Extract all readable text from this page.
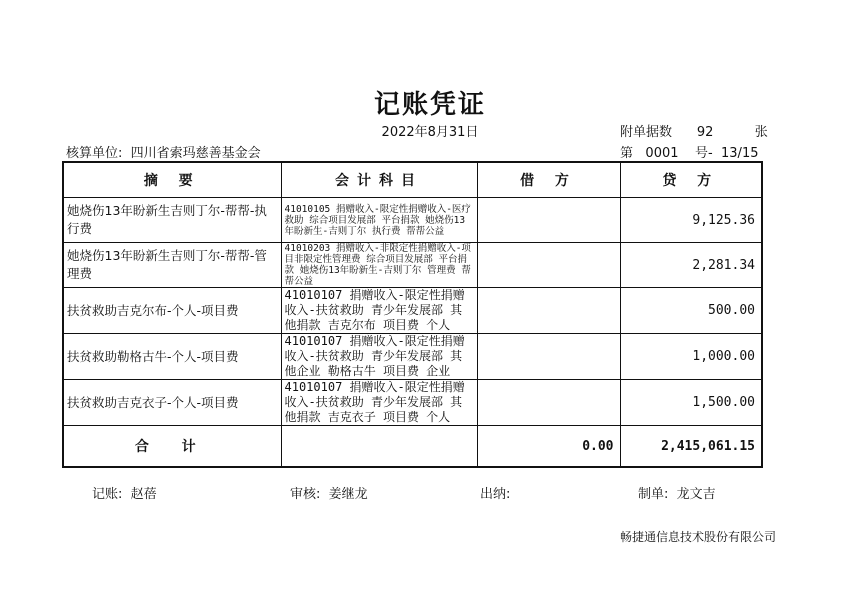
记账凭证
2022年8月31日
核算单位: 四川省索玛慈善基金会
附单据数 92	张
第 0001 号- 13/15
摘 要	会计科目	借 方	贷 方
她烧伤13年盼新生吉则丁尔-帮帮-执行费	41010105 捐赠收入-限定性捐赠收入-医疗救助 综合项目发展部 平台捐款 她烧伤13年盼新生-吉则丁尔 执行费 帮帮公益		9,125.36
她烧伤13年盼新生吉则丁尔-帮帮-管理费	41010203 捐赠收入-非限定性捐赠收入-项目非限定性管理费 综合项目发展部 平台捐款 她烧伤13年盼新生-吉则丁尔 管理费 帮帮公益		2,281.34
扶贫救助吉克尔布-个人-项目费	41010107 捐赠收入-限定性捐赠收入-扶贫救助 青少年发展部 其他捐款 吉克尔布 项目费 个人		500.00
扶贫救助勒格古牛-个人-项目费	41010107 捐赠收入-限定性捐赠收入-扶贫救助 青少年发展部 其他企业 勒格古牛 项目费 企业		1,000.00
扶贫救助吉克衣子-个人-项目费	41010107 捐赠收入-限定性捐赠收入-扶贫救助 青少年发展部 其他捐款 吉克衣子 项目费 个人		1,500.00
合 计		0.00	2,415,061.15
记账: 赵蓓	审核: 姜继龙	出纳:	制单: 龙文吉
畅捷通信息技术股份有限公司
